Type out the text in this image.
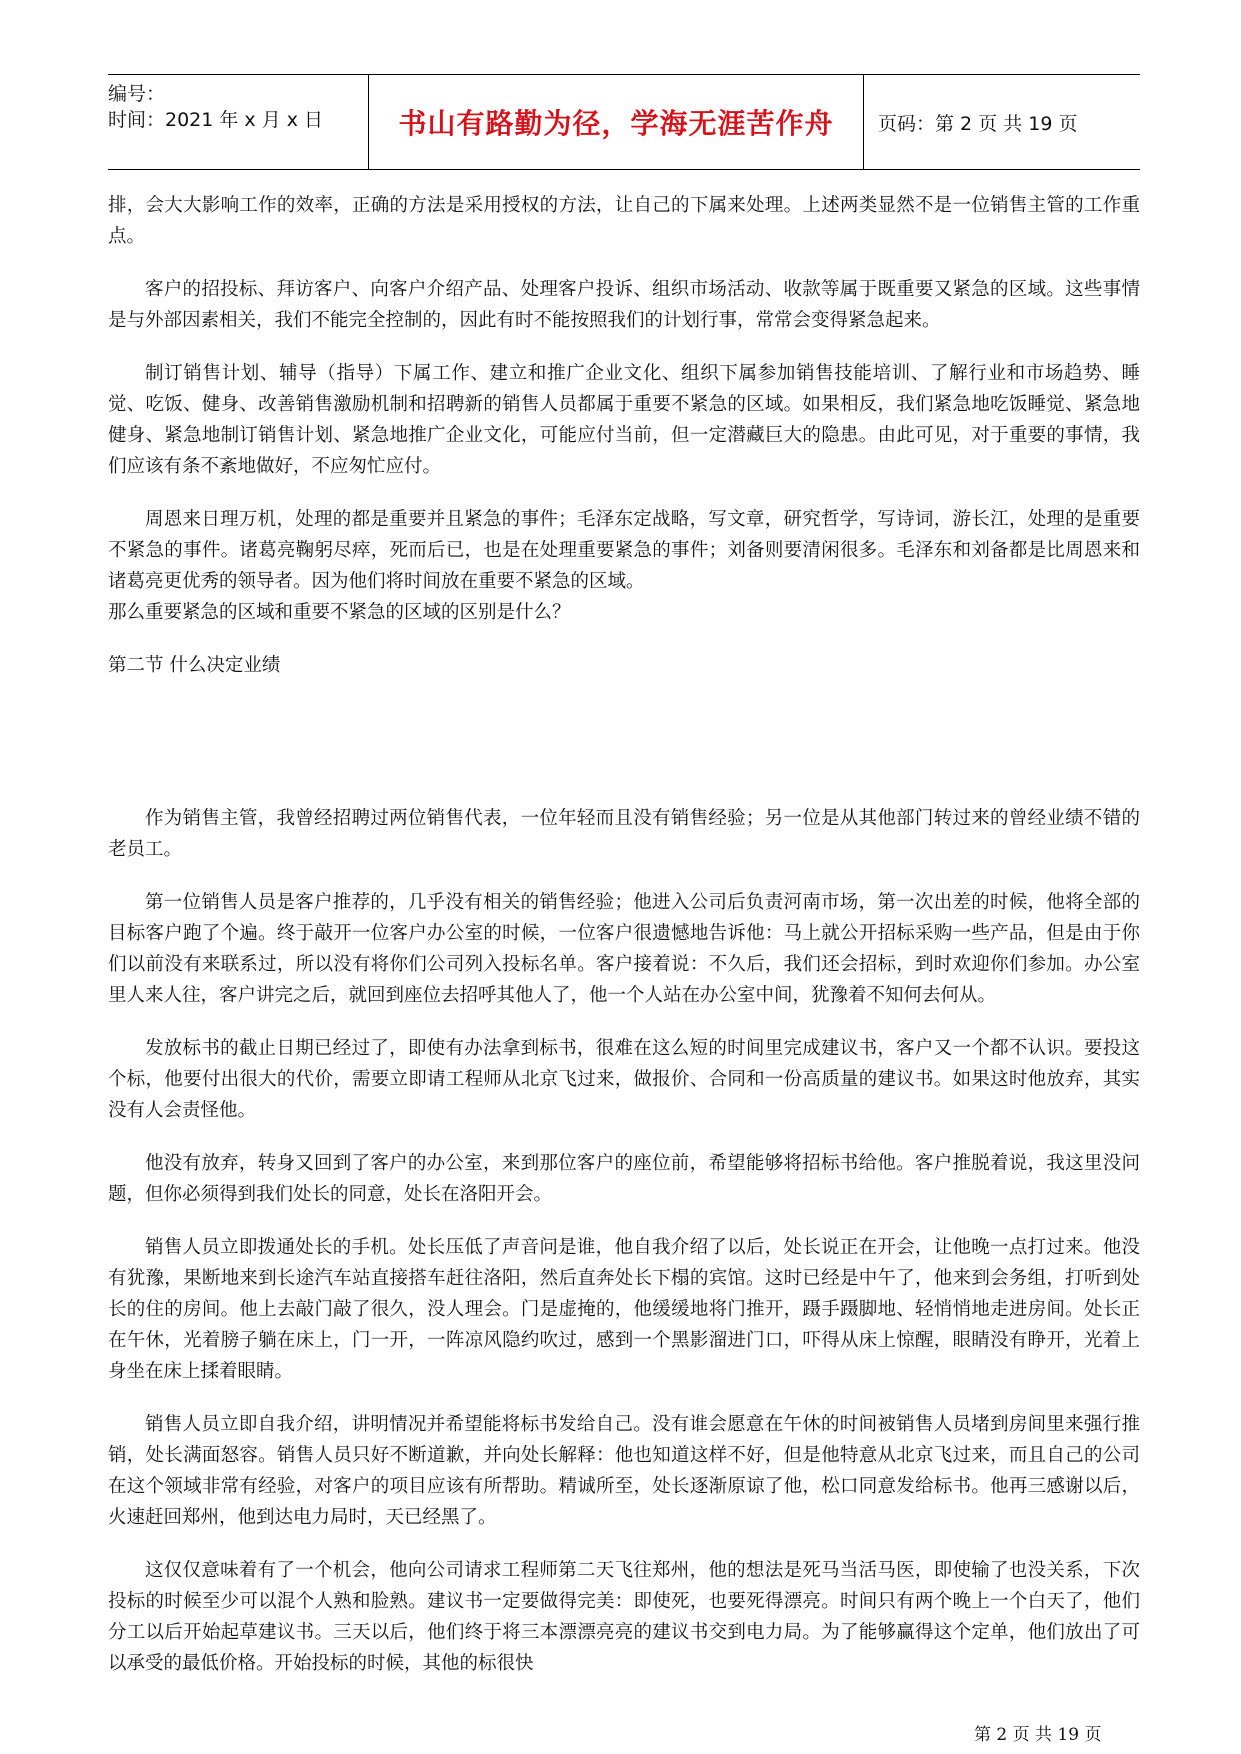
编号：
时间：2021 年 x 月 x 日	书山有路勤为径，学海无涯苦作舟	页码：第 2 页 共 19 页

排，会大大影响工作的效率，正确的方法是采用授权的方法，让自己的下属来处理。上述两类显然不是一位销售主管的工作重点。

客户的招投标、拜访客户、向客户介绍产品、处理客户投诉、组织市场活动、收款等属于既重要又紧急的区域。这些事情是与外部因素相关，我们不能完全控制的，因此有时不能按照我们的计划行事，常常会变得紧急起来。

制订销售计划、辅导（指导）下属工作、建立和推广企业文化、组织下属参加销售技能培训、了解行业和市场趋势、睡觉、吃饭、健身、改善销售激励机制和招聘新的销售人员都属于重要不紧急的区域。如果相反，我们紧急地吃饭睡觉、紧急地健身、紧急地制订销售计划、紧急地推广企业文化，可能应付当前，但一定潜藏巨大的隐患。由此可见，对于重要的事情，我们应该有条不紊地做好，不应匆忙应付。

周恩来日理万机，处理的都是重要并且紧急的事件；毛泽东定战略，写文章，研究哲学，写诗词，游长江，处理的是重要不紧急的事件。诸葛亮鞠躬尽瘁，死而后已，也是在处理重要紧急的事件；刘备则要清闲很多。毛泽东和刘备都是比周恩来和诸葛亮更优秀的领导者。因为他们将时间放在重要不紧急的区域。

那么重要紧急的区域和重要不紧急的区域的区别是什么？

第二节 什么决定业绩

作为销售主管，我曾经招聘过两位销售代表，一位年轻而且没有销售经验；另一位是从其他部门转过来的曾经业绩不错的老员工。

第一位销售人员是客户推荐的，几乎没有相关的销售经验；他进入公司后负责河南市场，第一次出差的时候，他将全部的目标客户跑了个遍。终于敲开一位客户办公室的时候，一位客户很遗憾地告诉他：马上就公开招标采购一些产品，但是由于你们以前没有来联系过，所以没有将你们公司列入投标名单。客户接着说：不久后，我们还会招标，到时欢迎你们参加。办公室里人来人往，客户讲完之后，就回到座位去招呼其他人了，他一个人站在办公室中间，犹豫着不知何去何从。

发放标书的截止日期已经过了，即使有办法拿到标书，很难在这么短的时间里完成建议书，客户又一个都不认识。要投这个标，他要付出很大的代价，需要立即请工程师从北京飞过来，做报价、合同和一份高质量的建议书。如果这时他放弃，其实没有人会责怪他。

他没有放弃，转身又回到了客户的办公室，来到那位客户的座位前，希望能够将招标书给他。客户推脱着说，我这里没问题，但你必须得到我们处长的同意，处长在洛阳开会。

销售人员立即拨通处长的手机。处长压低了声音问是谁，他自我介绍了以后，处长说正在开会，让他晚一点打过来。他没有犹豫，果断地来到长途汽车站直接搭车赶往洛阳，然后直奔处长下榻的宾馆。这时已经是中午了，他来到会务组，打听到处长的住的房间。他上去敲门敲了很久，没人理会。门是虚掩的，他缓缓地将门推开，蹑手蹑脚地、轻悄悄地走进房间。处长正在午休，光着膀子躺在床上，门一开，一阵凉风隐约吹过，感到一个黑影溜进门口，吓得从床上惊醒，眼睛没有睁开，光着上身坐在床上揉着眼睛。

销售人员立即自我介绍，讲明情况并希望能将标书发给自己。没有谁会愿意在午休的时间被销售人员堵到房间里来强行推销，处长满面怒容。销售人员只好不断道歉，并向处长解释：他也知道这样不好，但是他特意从北京飞过来，而且自己的公司在这个领域非常有经验，对客户的项目应该有所帮助。精诚所至，处长逐渐原谅了他，松口同意发给标书。他再三感谢以后，火速赶回郑州，他到达电力局时，天已经黑了。

这仅仅意味着有了一个机会，他向公司请求工程师第二天飞往郑州，他的想法是死马当活马医，即使输了也没关系，下次投标的时候至少可以混个人熟和脸熟。建议书一定要做得完美：即使死，也要死得漂亮。时间只有两个晚上一个白天了，他们分工以后开始起草建议书。三天以后，他们终于将三本漂漂亮亮的建议书交到电力局。为了能够赢得这个定单，他们放出了可以承受的最低价格。开始投标的时候，其他的标很快

第 2 页 共 19 页
